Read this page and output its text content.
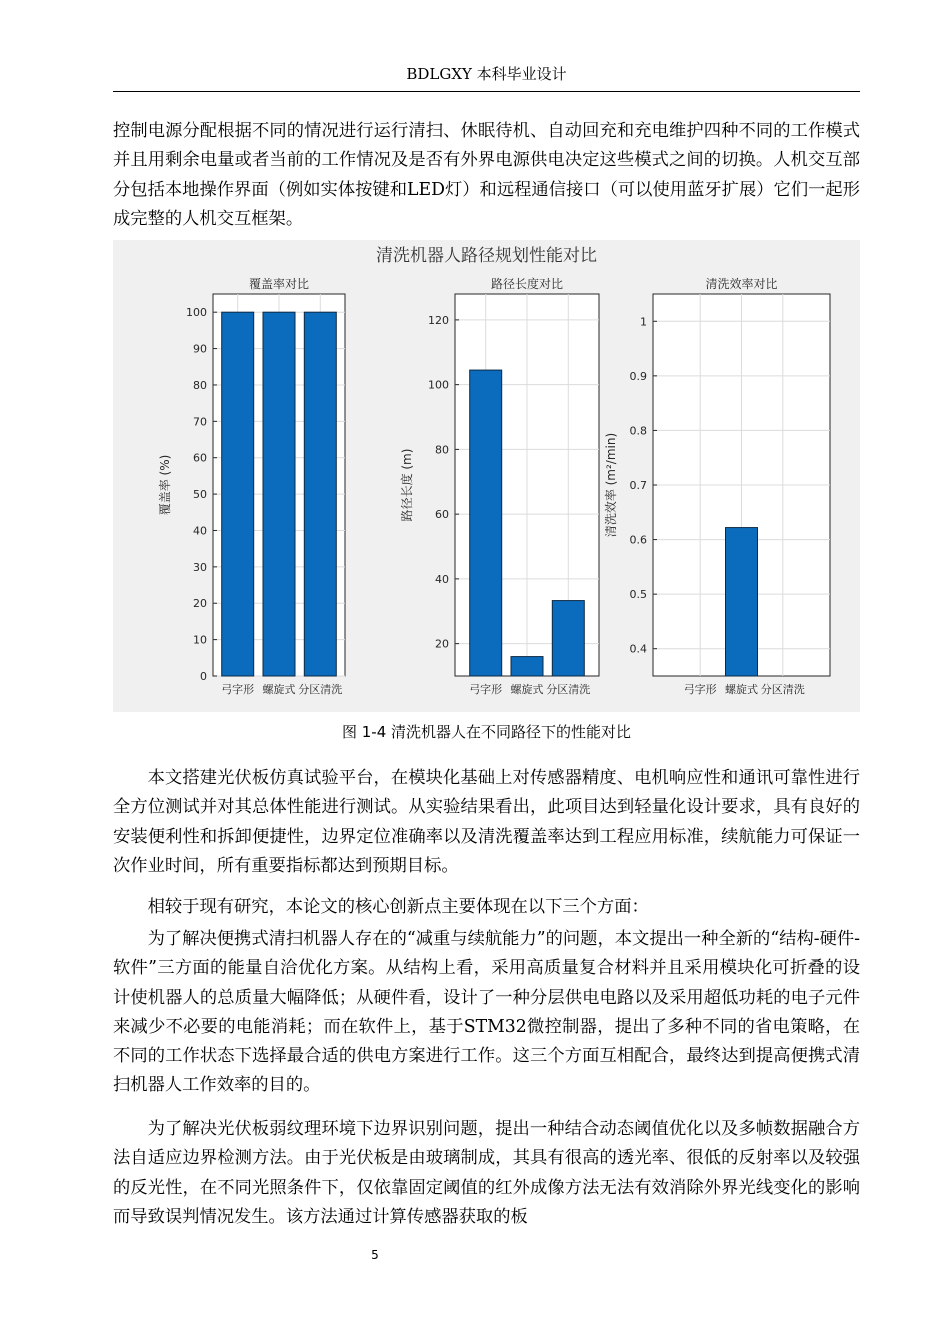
BDLGXY 本科毕业设计

控制电源分配根据不同的情况进行运行清扫、休眠待机、自动回充和充电维护四种不同的工作模式并且用剩余电量或者当前的工作情况及是否有外界电源供电决定这些模式之间的切换。人机交互部分包括本地操作界面（例如实体按键和LED灯）和远程通信接口（可以使用蓝牙扩展）它们一起形成完整的人机交互框架。

清洗机器人路径规划性能对比
0
10
20
30
40
50
60
70
80
90
100
弓字形 螺旋式 分区清洗
覆盖率对比
覆盖率 (%)
20
40
60
80
100
120
弓字形 螺旋式 分区清洗
路径长度对比
路径长度 (m)
0.4
0.5
0.6
0.7
0.8
0.9
1
弓字形 螺旋式 分区清洗
清洗效率对比
清洗效率 (m²/min)
图 1-4 清洗机器人在不同路径下的性能对比

本文搭建光伏板仿真试验平台，在模块化基础上对传感器精度、电机响应性和通讯可靠性进行全方位测试并对其总体性能进行测试。从实验结果看出，此项目达到轻量化设计要求，具有良好的安装便利性和拆卸便捷性，边界定位准确率以及清洗覆盖率达到工程应用标准，续航能力可保证一次作业时间，所有重要指标都达到预期目标。

相较于现有研究，本论文的核心创新点主要体现在以下三个方面：

为了解决便携式清扫机器人存在的“减重与续航能力”的问题，本文提出一种全新的“结构-硬件-软件”三方面的能量自洽优化方案。从结构上看，采用高质量复合材料并且采用模块化可折叠的设计使机器人的总质量大幅降低；从硬件看，设计了一种分层供电电路以及采用超低功耗的电子元件来减少不必要的电能消耗；而在软件上，基于STM32微控制器，提出了多种不同的省电策略，在不同的工作状态下选择最合适的供电方案进行工作。这三个方面互相配合，最终达到提高便携式清扫机器人工作效率的目的。

为了解决光伏板弱纹理环境下边界识别问题，提出一种结合动态阈值优化以及多帧数据融合方法自适应边界检测方法。由于光伏板是由玻璃制成，其具有很高的透光率、很低的反射率以及较强的反光性，在不同光照条件下，仅依靠固定阈值的红外成像方法无法有效消除外界光线变化的影响而导致误判情况发生。该方法通过计算传感器获取的板

5
